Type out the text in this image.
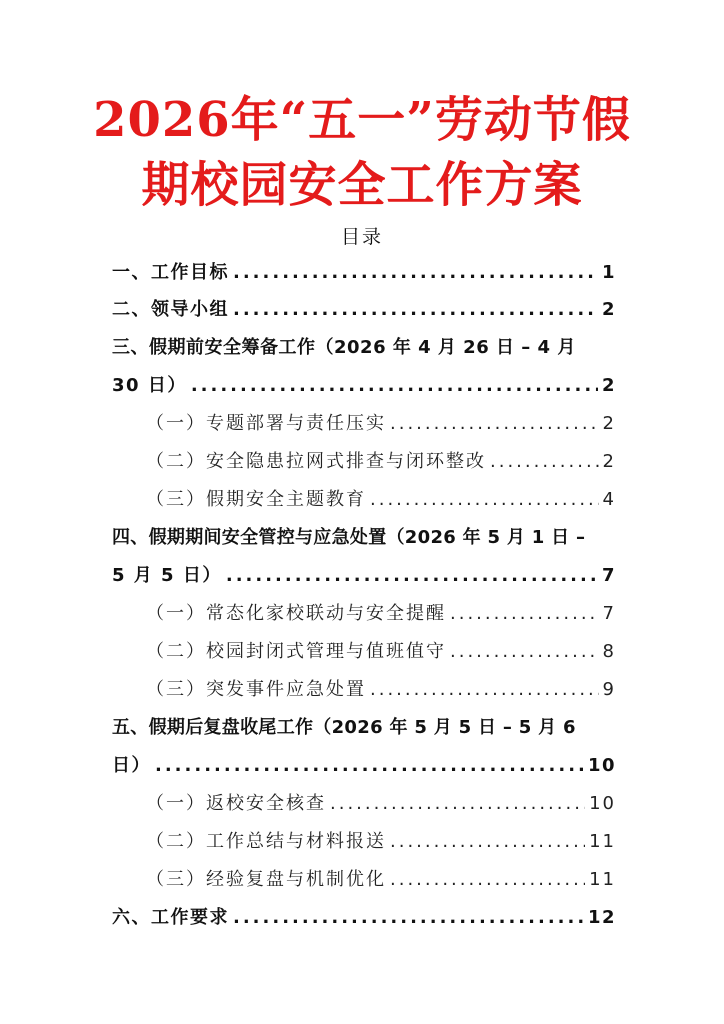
2026年“五一”劳动节假
期校园安全工作方案
目录
一、工作目标 .....	1
二、领导小组 .....	2
三、假期前安全筹备工作（2026 年 4 月 26 日 – 4 月
30 日） .....	2
（一）专题部署与责任压实 .....	2
（二）安全隐患拉网式排查与闭环整改 .....	2
（三）假期安全主题教育 .....	4
四、假期期间安全管控与应急处置（2026 年 5 月 1 日 –
5 月 5 日） .....	7
（一）常态化家校联动与安全提醒 .....	7
（二）校园封闭式管理与值班值守 .....	8
（三）突发事件应急处置 .....	9
五、假期后复盘收尾工作（2026 年 5 月 5 日 – 5 月 6
日） .....	10
（一）返校安全核查 .....	10
（二）工作总结与材料报送 .....	11
（三）经验复盘与机制优化 .....	11
六、工作要求 .....	12
